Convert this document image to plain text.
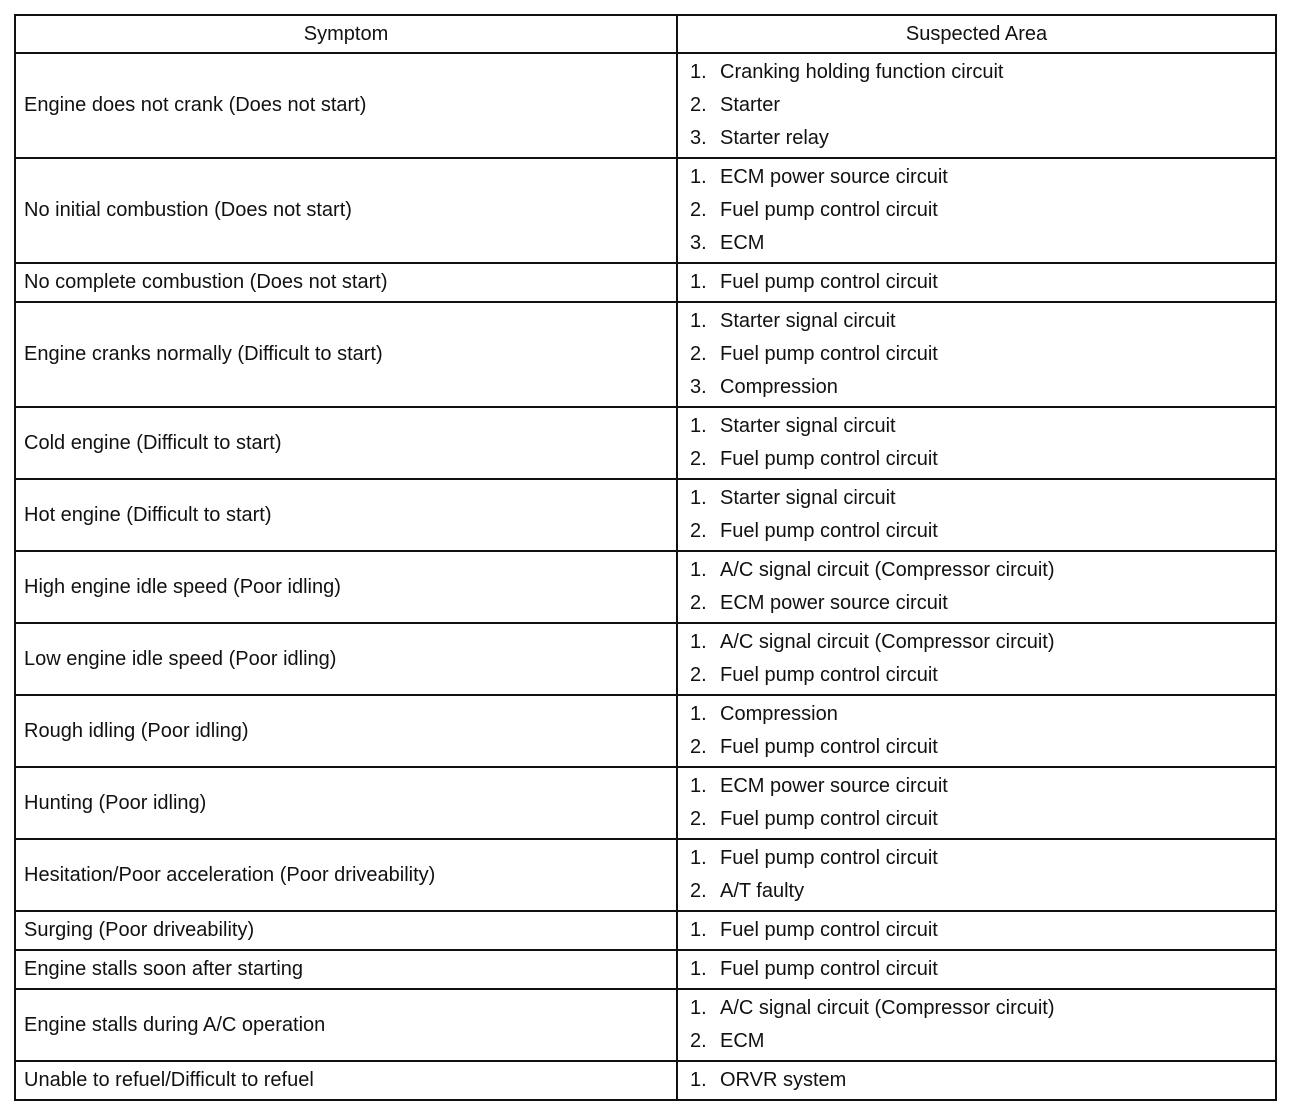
Symptom	Suspected Area
Engine does not crank (Does not start)	1. Cranking holding function circuit
2. Starter
3. Starter relay

No initial combustion (Does not start)	1. ECM power source circuit
2. Fuel pump control circuit
3. ECM

No complete combustion (Does not start)	1. Fuel pump control circuit

Engine cranks normally (Difficult to start)	1. Starter signal circuit
2. Fuel pump control circuit
3. Compression

Cold engine (Difficult to start)	1. Starter signal circuit
2. Fuel pump control circuit

Hot engine (Difficult to start)	1. Starter signal circuit
2. Fuel pump control circuit

High engine idle speed (Poor idling)	1. A/C signal circuit (Compressor circuit)
2. ECM power source circuit

Low engine idle speed (Poor idling)	1. A/C signal circuit (Compressor circuit)
2. Fuel pump control circuit

Rough idling (Poor idling)	1. Compression
2. Fuel pump control circuit

Hunting (Poor idling)	1. ECM power source circuit
2. Fuel pump control circuit

Hesitation/Poor acceleration (Poor driveability)	1. Fuel pump control circuit
2. A/T faulty

Surging (Poor driveability)	1. Fuel pump control circuit

Engine stalls soon after starting	1. Fuel pump control circuit

Engine stalls during A/C operation	1. A/C signal circuit (Compressor circuit)
2. ECM

Unable to refuel/Difficult to refuel	1. ORVR system
